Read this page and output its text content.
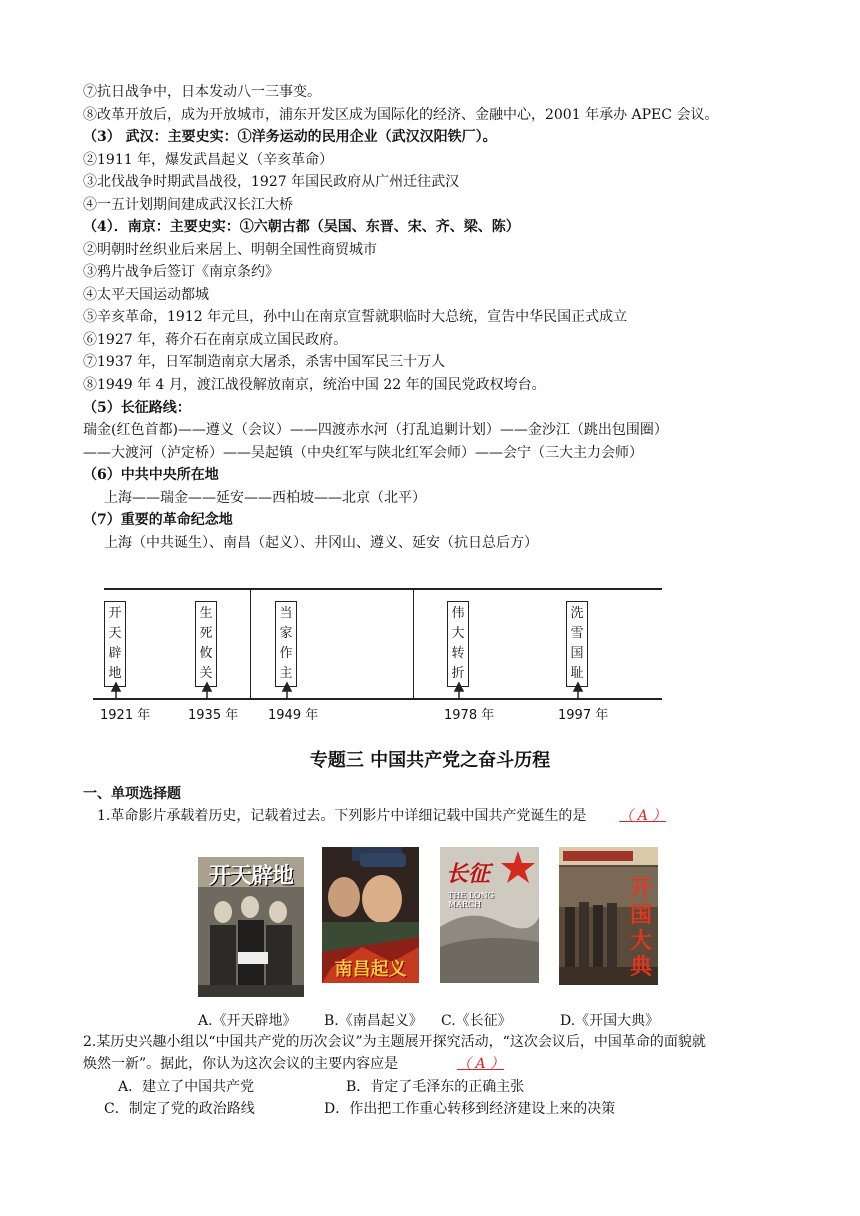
⑦抗日战争中，日本发动八一三事变。
⑧改革开放后，成为开放城市，浦东开发区成为国际化的经济、金融中心，2001 年承办 APEC 会议。
（3） 武汉：主要史实：①洋务运动的民用企业（武汉汉阳铁厂）。
②1911 年，爆发武昌起义（辛亥革命）
③北伐战争时期武昌战役，1927 年国民政府从广州迁往武汉
④一五计划期间建成武汉长江大桥
（4）．南京：主要史实：①六朝古都（吴国、东晋、宋、齐、梁、陈）
②明朝时丝织业后来居上、明朝全国性商贸城市
③鸦片战争后签订《南京条约》
④太平天国运动都城
⑤辛亥革命，1912 年元旦，孙中山在南京宣誓就职临时大总统，宣告中华民国正式成立
⑥1927 年，蒋介石在南京成立国民政府。
⑦1937 年，日军制造南京大屠杀，杀害中国军民三十万人
⑧1949 年 4 月，渡江战役解放南京，统治中国 22 年的国民党政权垮台。
（5）长征路线：
瑞金(红色首都)——遵义（会议）——四渡赤水河（打乱追剿计划）——金沙江（跳出包围圈）
——大渡河（泸定桥）——吴起镇（中央红军与陕北红军会师）——会宁（三大主力会师）
（6）中共中央所在地
上海——瑞金——延安——西柏坡——北京（北平）
（7）重要的革命纪念地
上海（中共诞生）、南昌（起义）、井冈山、遵义、延安（抗日总后方）
开
天
辟
地
生
死
攸
关
当
家
作
主
伟
大
转
折
洗
雪
国
耻
1921 年	1935 年 1949 年	1978 年	1997 年
专题三 中国共产党之奋斗历程
一、单项选择题
1.革命影片承载着历史，记载着过去。下列影片中详细记载中国共产党诞生的是 （ A ）
开天辟地
南昌起义
长征
THE LONG MARCH
开国大典
A.《开天辟地》 B.《南昌起义》 C.《长征》	D.《开国大典》
2.某历史兴趣小组以“中国共产党的历次会议”为主题展开探究活动，“这次会议后，中国革命的面貌就
焕然一新”。据此，你认为这次会议的主要内容应是	（ A ）
A．建立了中国共产党	B．肯定了毛泽东的正确主张
C．制定了党的政治路线	D．作出把工作重心转移到经济建设上来的决策
